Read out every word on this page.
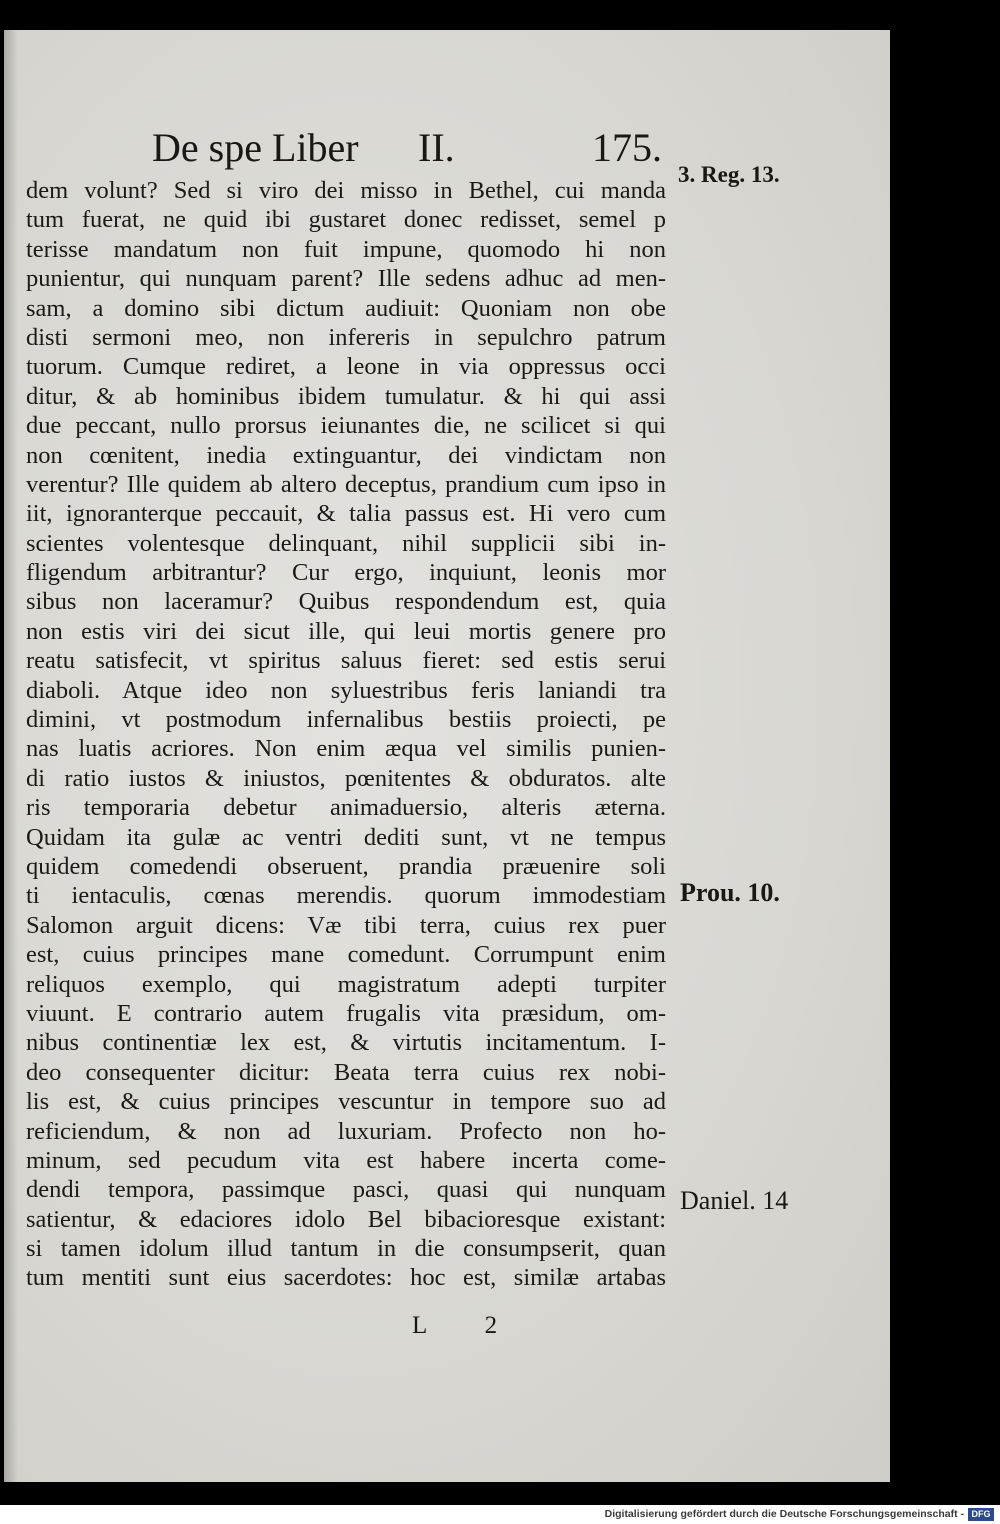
De spe Liber II.	175.
dem volunt? Sed si viro dei misso in Bethel, cui manda
tum fuerat, ne quid ibi gustaret donec redisset, semel p
terisse mandatum non fuit impune, quomodo hi non
punientur, qui nunquam parent? Ille sedens adhuc ad men-
sam, a domino sibi dictum audiuit: Quoniam non obe
disti sermoni meo, non infereris in sepulchro patrum
tuorum. Cumque rediret, a leone in via oppressus occi
ditur, & ab hominibus ibidem tumulatur. & hi qui assi
due peccant, nullo prorsus ieiunantes die, ne scilicet si qui
non cœnitent, inedia extinguantur, dei vindictam non
verentur? Ille quidem ab altero deceptus, prandium cum ipso in
iit, ignoranterque peccauit, & talia passus est. Hi vero cum
scientes volentesque delinquant, nihil supplicii sibi in-
fligendum arbitrantur? Cur ergo, inquiunt, leonis mor
sibus non laceramur? Quibus respondendum est, quia
non estis viri dei sicut ille, qui leui mortis genere pro
reatu satisfecit, vt spiritus saluus fieret: sed estis serui
diaboli. Atque ideo non syluestribus feris laniandi tra
dimini, vt postmodum infernalibus bestiis proiecti, pe
nas luatis acriores. Non enim æqua vel similis punien-
di ratio iustos & iniustos, pœnitentes & obduratos. alte
ris temporaria debetur animaduersio, alteris æterna.
Quidam ita gulæ ac ventri dediti sunt, vt ne tempus
quidem comedendi obseruent, prandia præuenire soli
ti ientaculis, cœnas merendis. quorum immodestiam
Salomon arguit dicens: Væ tibi terra, cuius rex puer
est, cuius principes mane comedunt. Corrumpunt enim
reliquos exemplo, qui magistratum adepti turpiter
viuunt. E contrario autem frugalis vita præsidum, om-
nibus continentiæ lex est, & virtutis incitamentum. I-
deo consequenter dicitur: Beata terra cuius rex nobi-
lis est, & cuius principes vescuntur in tempore suo ad
reficiendum, & non ad luxuriam. Profecto non ho-
minum, sed pecudum vita est habere incerta come-
dendi tempora, passimque pasci, quasi qui nunquam
satientur, & edaciores idolo Bel bibacioresque existant:
si tamen idolum illud tantum in die consumpserit, quan
tum mentiti sunt eius sacerdotes: hoc est, similæ artabas
3. Reg. 13.
Prou. 10.
Daniel. 14
L 2
Digitalisierung gefördert durch die Deutsche Forschungsgemeinschaft - DFG
